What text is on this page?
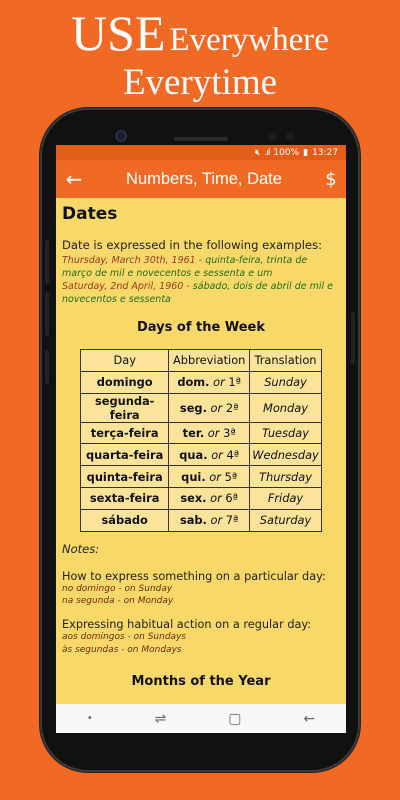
USE Everywhere
Everytime
🔇︎ .ıl 100% ▮ 13:27
←	Numbers, Time, Date	$
Dates
Date is expressed in the following examples:
Thursday, March 30th, 1961 - quinta-feira, trinta de março de mil e novecentos e sessenta e um
Saturday, 2nd April, 1960 - sábado, dois de abril de mil e novecentos e sessenta
Days of the Week
Day	Abbreviation	Translation
domingo	dom. or 1ª	Sunday
segunda-feira	seg. or 2ª	Monday
terça-feira	ter. or 3ª	Tuesday
quarta-feira	qua. or 4ª	Wednesday
quinta-feira	qui. or 5ª	Thursday
sexta-feira	sex. or 6ª	Friday
sábado	sab. or 7ª	Saturday
Notes:
How to express something on a particular day:
no domingo - on Sunday
na segunda - on Monday
Expressing habitual action on a regular day:
aos domingos - on Sundays
às segundas - on Mondays
Months of the Year
•	⇌	▢	←
